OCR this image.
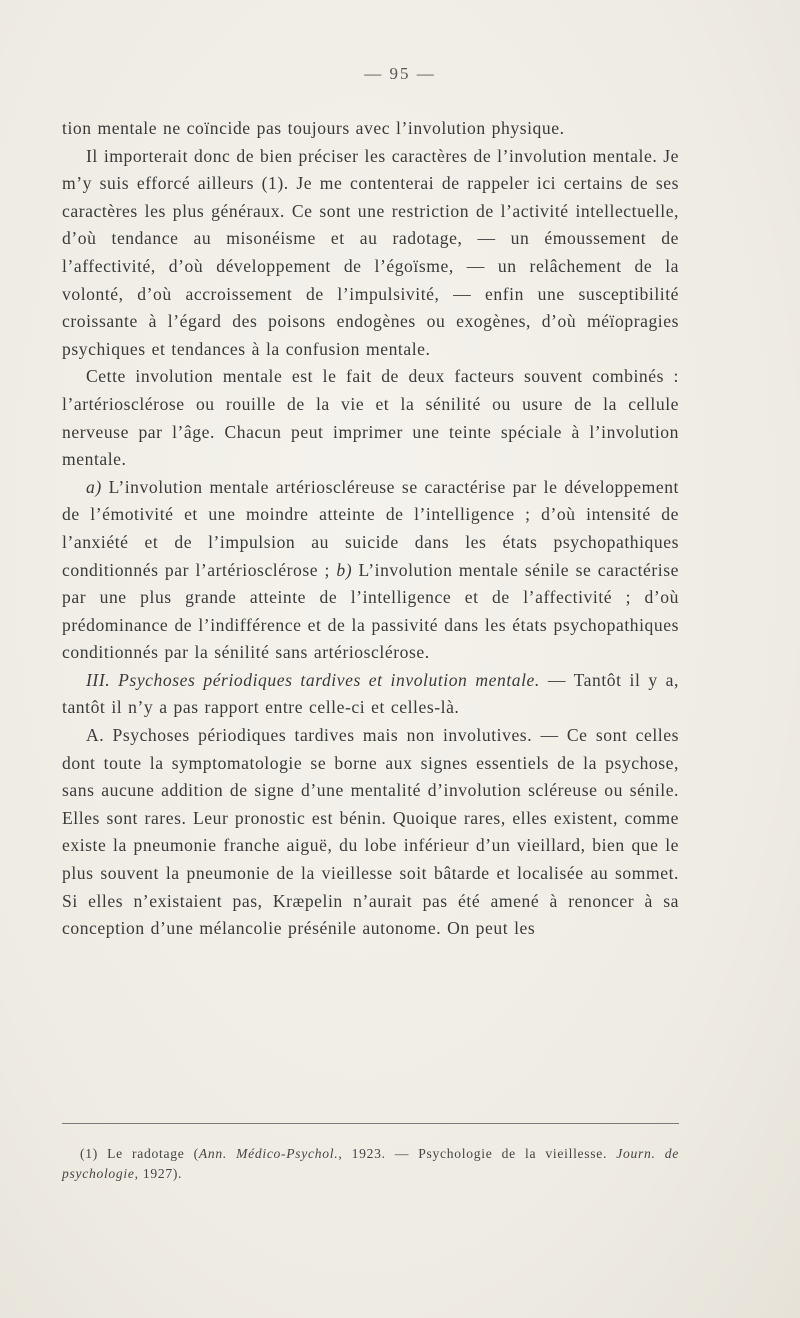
— 95 —

tion mentale ne coïncide pas toujours avec l’involution physique.

Il importerait donc de bien préciser les caractères de l’involution mentale. Je m’y suis efforcé ailleurs (1). Je me contenterai de rappeler ici certains de ses caractères les plus généraux. Ce sont une restriction de l’activité intellectuelle, d’où tendance au misonéisme et au radotage, — un émoussement de l’affectivité, d’où développement de l’égoïsme, — un relâchement de la volonté, d’où accroissement de l’impulsivité, — enfin une susceptibilité croissante à l’égard des poisons endogènes ou exogènes, d’où méïopragies psychiques et tendances à la confusion mentale.

Cette involution mentale est le fait de deux facteurs souvent combinés : l’artériosclérose ou rouille de la vie et la sénilité ou usure de la cellule nerveuse par l’âge. Chacun peut imprimer une teinte spéciale à l’involution mentale.

a) L’involution mentale artérioscléreuse se caractérise par le développement de l’émotivité et une moindre atteinte de l’intelligence ; d’où intensité de l’anxiété et de l’impulsion au suicide dans les états psychopathiques conditionnés par l’artériosclérose ; b) L’involution mentale sénile se caractérise par une plus grande atteinte de l’intelligence et de l’affectivité ; d’où prédominance de l’indifférence et de la passivité dans les états psychopathiques conditionnés par la sénilité sans artériosclérose.

III. Psychoses périodiques tardives et involution mentale. — Tantôt il y a, tantôt il n’y a pas rapport entre celle-ci et celles-là.

A. Psychoses périodiques tardives mais non involutives. — Ce sont celles dont toute la symptomatologie se borne aux signes essentiels de la psychose, sans aucune addition de signe d’une mentalité d’involution scléreuse ou sénile. Elles sont rares. Leur pronostic est bénin. Quoique rares, elles existent, comme existe la pneumonie franche aiguë, du lobe inférieur d’un vieillard, bien que le plus souvent la pneumonie de la vieillesse soit bâtarde et localisée au sommet. Si elles n’existaient pas, Kræpelin n’aurait pas été amené à renoncer à sa conception d’une mélancolie présénile autonome. On peut les

(1) Le radotage (Ann. Médico-Psychol., 1923. — Psychologie de la vieillesse. Journ. de psychologie, 1927).
